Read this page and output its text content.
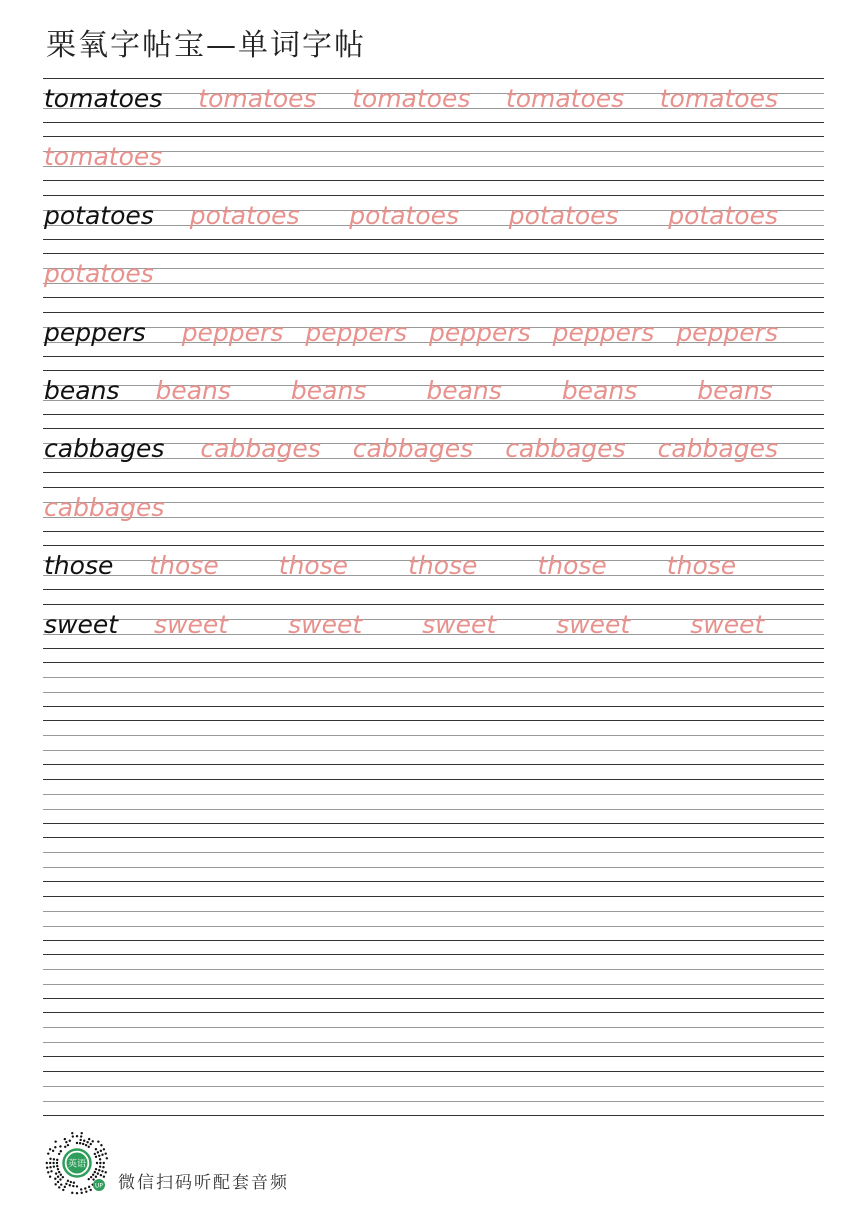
栗氧字帖宝—单词字帖
tomatoes tomatoes tomatoes tomatoes tomatoes
tomatoes
potatoes potatoes potatoes potatoes potatoes
potatoes
peppers peppers peppers peppers peppers peppers
beans beans beans beans beans beans
cabbages cabbages cabbages cabbages cabbages
cabbages
those those those those those those
sweet sweet sweet sweet sweet sweet
英语
UP 微信扫码听配套音频
